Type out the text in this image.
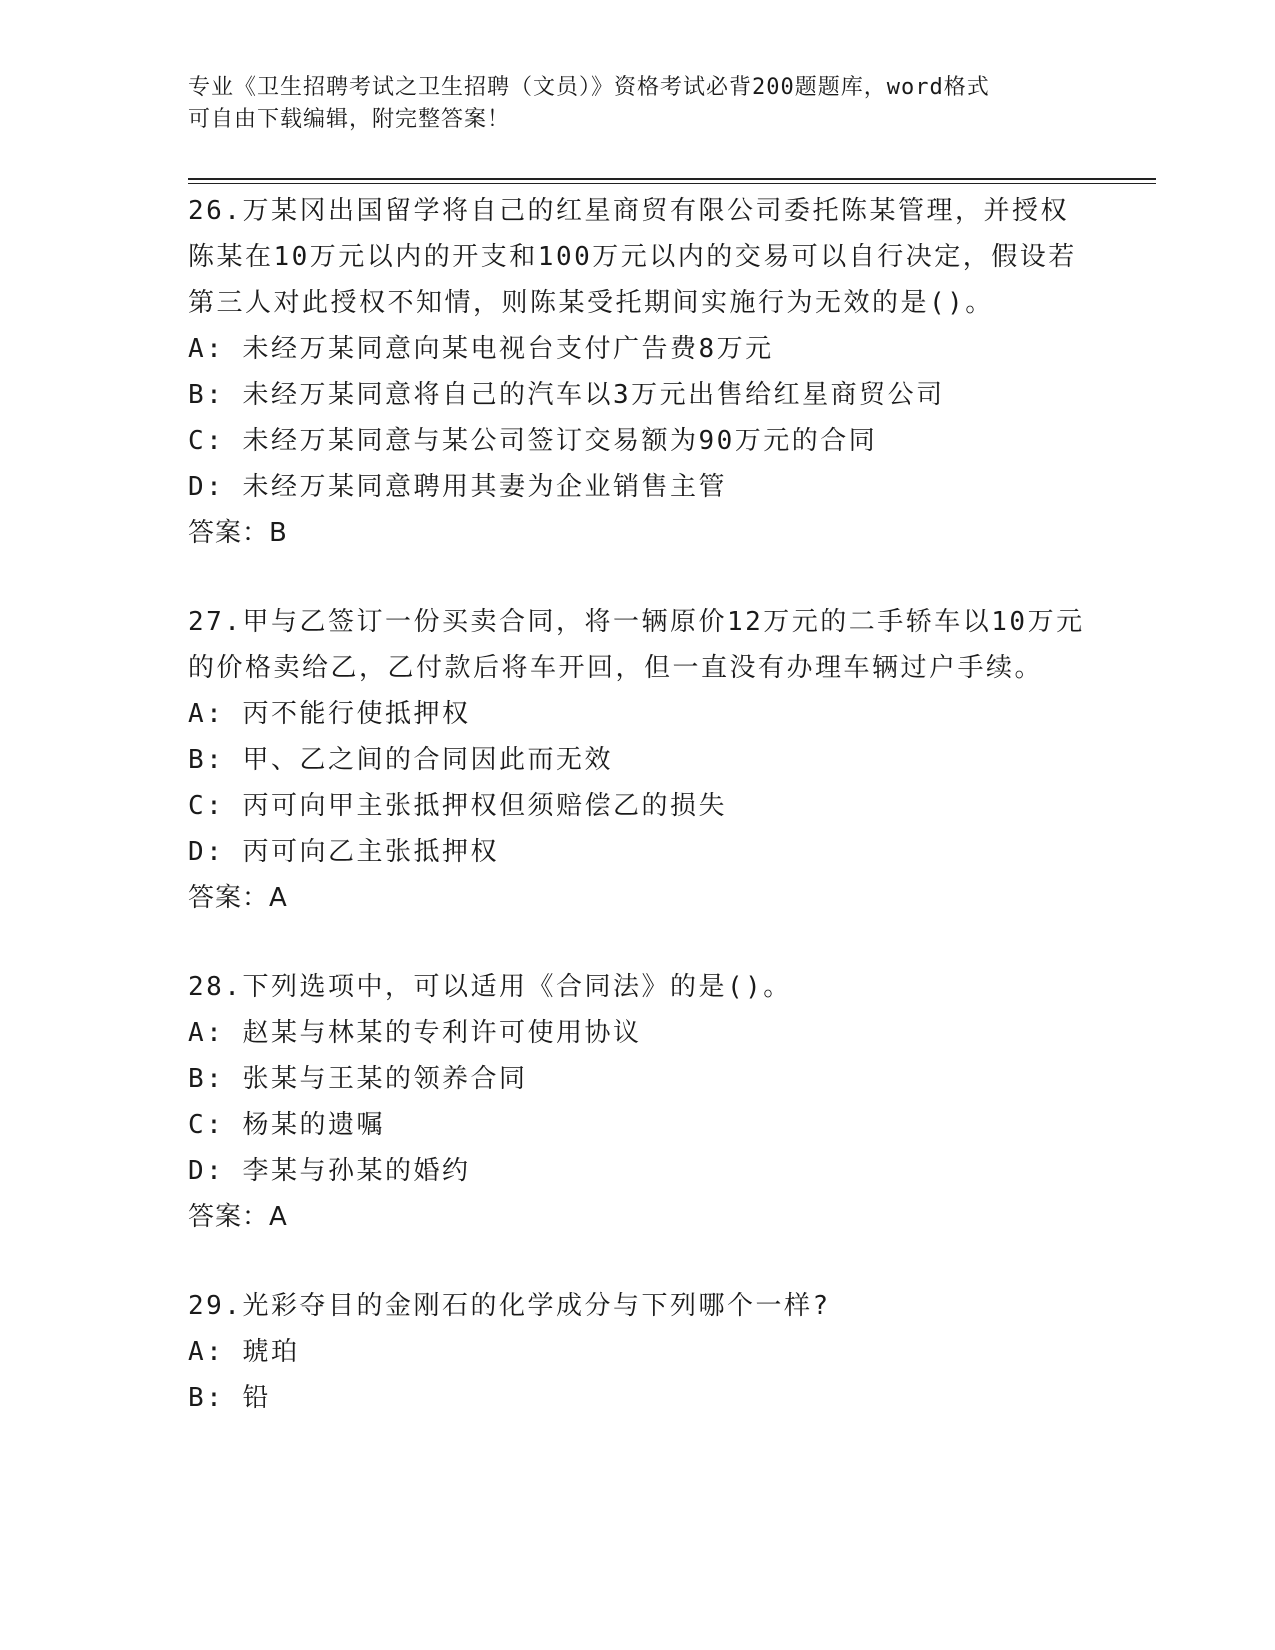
专业《卫生招聘考试之卫生招聘（文员）》资格考试必背200题题库，word格式
可自由下载编辑，附完整答案！
26.万某冈出国留学将自己的红星商贸有限公司委托陈某管理，并授权陈某在10万元以内的开支和100万元以内的交易可以自行决定，假设若第三人对此授权不知情，则陈某受托期间实施行为无效的是()。
A: 未经万某同意向某电视台支付广告费8万元
B: 未经万某同意将自己的汽车以3万元出售给红星商贸公司
C: 未经万某同意与某公司签订交易额为90万元的合同
D: 未经万某同意聘用其妻为企业销售主管
答案：B
27.甲与乙签订一份买卖合同，将一辆原价12万元的二手轿车以10万元的价格卖给乙，乙付款后将车开回，但一直没有办理车辆过户手续。
A: 丙不能行使抵押权
B: 甲、乙之间的合同因此而无效
C: 丙可向甲主张抵押权但须赔偿乙的损失
D: 丙可向乙主张抵押权
答案：A
28.下列选项中，可以适用《合同法》的是()。
A: 赵某与林某的专利许可使用协议
B: 张某与王某的领养合同
C: 杨某的遗嘱
D: 李某与孙某的婚约
答案：A
29.光彩夺目的金刚石的化学成分与下列哪个一样?
A: 琥珀
B: 铅
